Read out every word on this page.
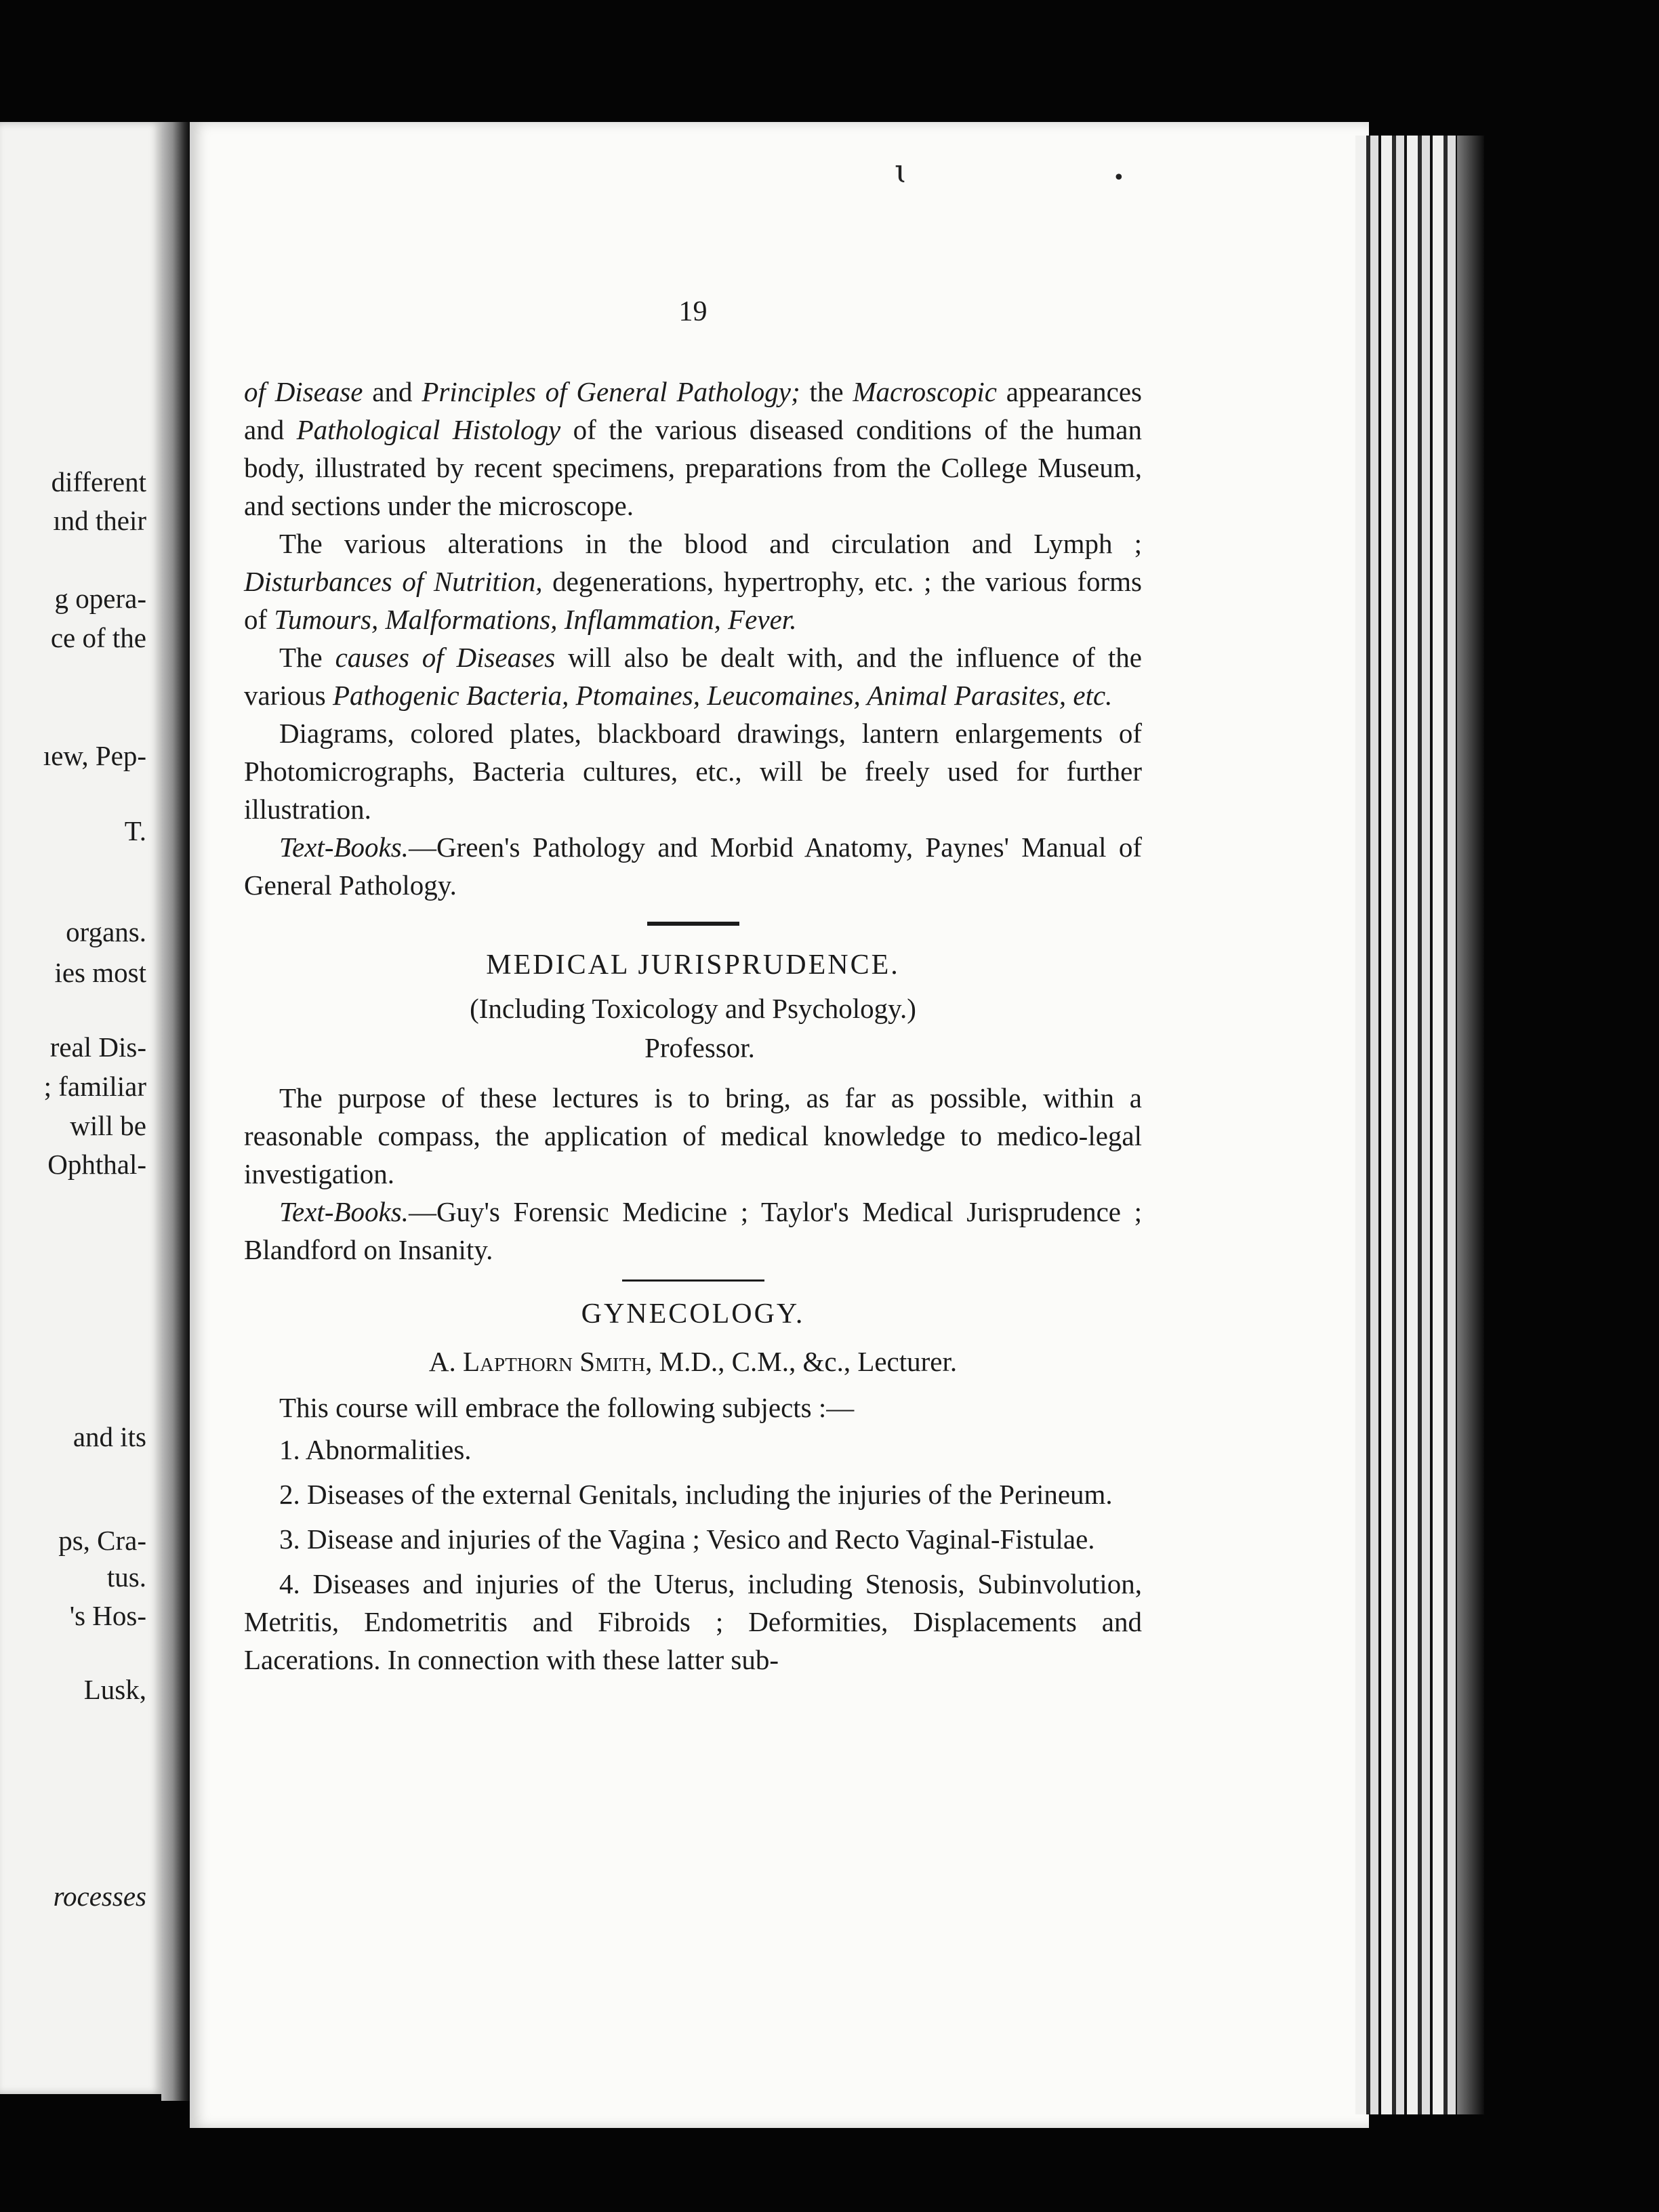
different
ınd their
g opera-
ce of the
ıew, Pep-
T.
organs.
ies most
real Dis-
; familiar
will be
Ophthal-
and its
ps, Cra-
tus.
's Hos-
Lusk,
rocesses
ɩ	•
19

of Disease and Principles of General Pathology; the Macroscopic appearances and Pathological Histology of the various diseased conditions of the human body, illustrated by recent specimens, preparations from the College Museum, and sections under the microscope.

The various alterations in the blood and circulation and Lymph ; Disturbances of Nutrition, degenerations, hypertrophy, etc. ; the various forms of Tumours, Malformations, Inflammation, Fever.

The causes of Diseases will also be dealt with, and the influence of the various Pathogenic Bacteria, Ptomaines, Leucomaines, Animal Parasites, etc.

Diagrams, colored plates, blackboard drawings, lantern enlargements of Photomicrographs, Bacteria cultures, etc., will be freely used for further illustration.

Text-Books.—Green's Pathology and Morbid Anatomy, Paynes' Manual of General Pathology.

MEDICAL JURISPRUDENCE.

(Including Toxicology and Psychology.)

Professor.

The purpose of these lectures is to bring, as far as possible, within a reasonable compass, the application of medical knowledge to medico-legal investigation.

Text-Books.—Guy's Forensic Medicine ; Taylor's Medical Jurisprudence ; Blandford on Insanity.

GYNECOLOGY.

A. Lapthorn Smith, M.D., C.M., &c., Lecturer.

This course will embrace the following subjects :—

1. Abnormalities.

2. Diseases of the external Genitals, including the injuries of the Perineum.

3. Disease and injuries of the Vagina ; Vesico and Recto Vaginal-Fistulae.

4. Diseases and injuries of the Uterus, including Stenosis, Subinvolution, Metritis, Endometritis and Fibroids ; Deformities, Displacements and Lacerations. In connection with these latter sub-
